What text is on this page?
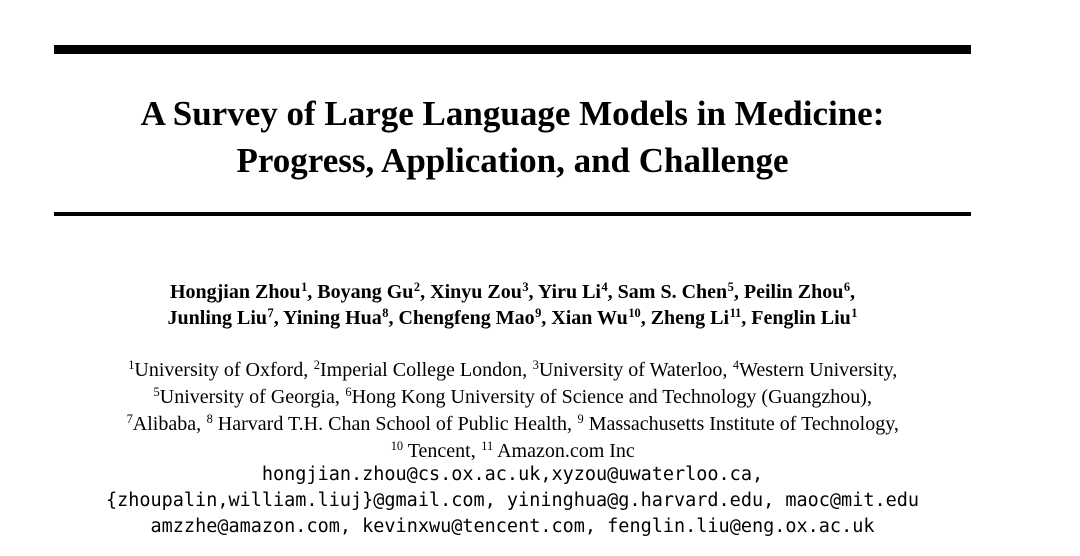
A Survey of Large Language Models in Medicine:
Progress, Application, and Challenge
Hongjian Zhou$^1$, Boyang Gu$^2$, Xinyu Zou$^3$, Yiru Li$^4$, Sam S. Chen$^5$, Peilin Zhou$^6$,
Junling Liu$^7$, Yining Hua$^8$, Chengfeng Mao$^9$, Xian Wu$^{10}$, Zheng Li$^{11}$, Fenglin Liu$^1$
$^1$University of Oxford, $^2$Imperial College London, $^3$University of Waterloo, $^4$Western University,
$^5$University of Georgia, $^6$Hong Kong University of Science and Technology (Guangzhou),
$^7$Alibaba, $^8$ Harvard T.H. Chan School of Public Health, $^9$ Massachusetts Institute of Technology,
$^{10}$ Tencent, $^{11}$ Amazon.com Inc
hongjian.zhou@cs.ox.ac.uk,xyzou@uwaterloo.ca,
{zhoupalin,william.liuj}@gmail.com, yininghua@g.harvard.edu, maoc@mit.edu
amzzhe@amazon.com, kevinxwu@tencent.com, fenglin.liu@eng.ox.ac.uk
